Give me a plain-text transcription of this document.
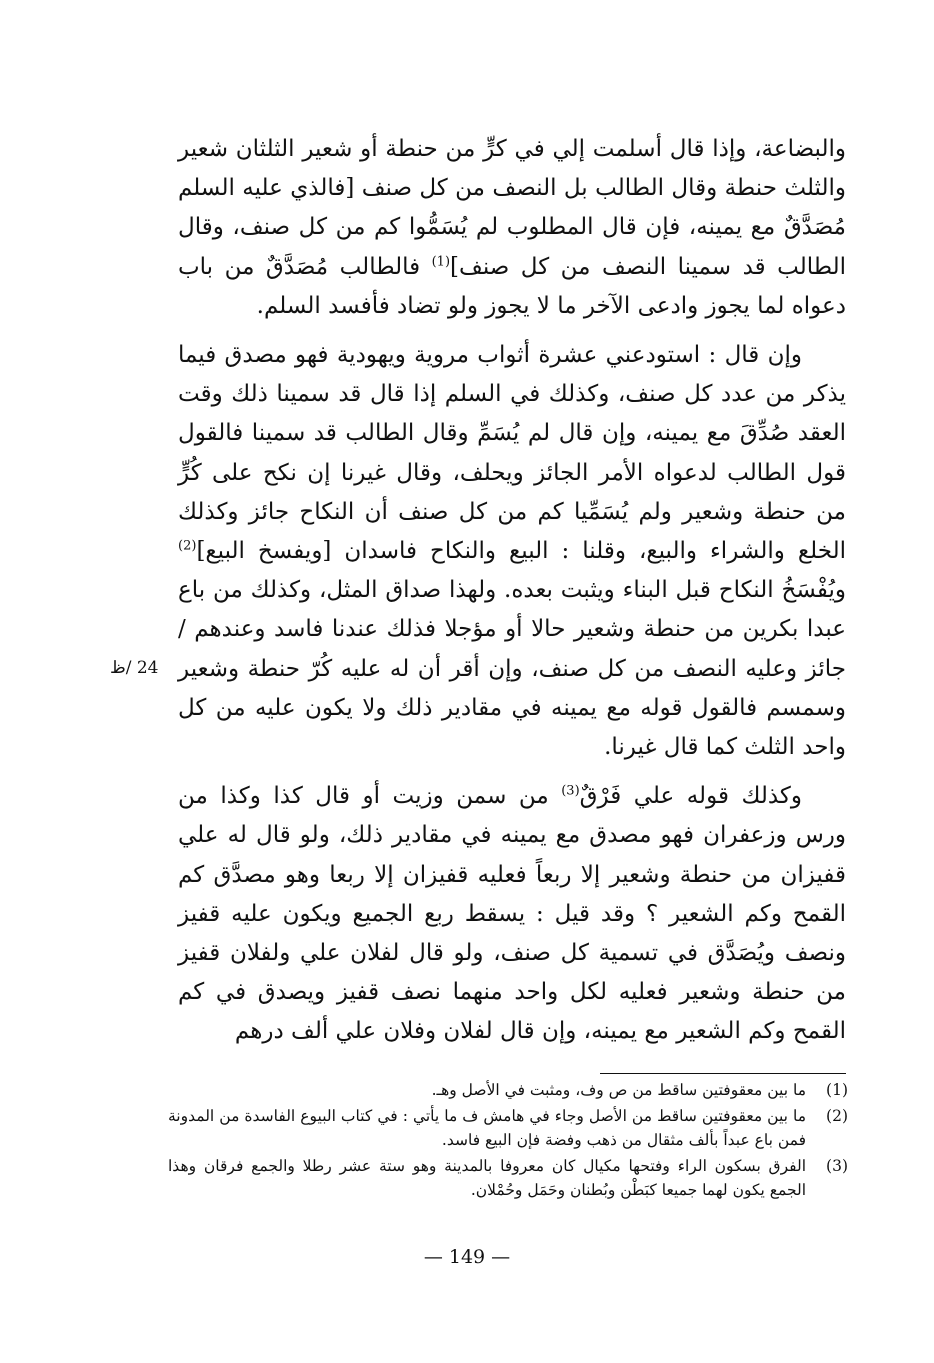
والبضاعة، وإذا قال أسلمت إلي في كرٍّ من حنطة أو شعير الثلثان شعير والثلث حنطة وقال الطالب بل النصف من كل صنف [فالذي عليه السلم مُصَدَّقٌ مع يمينه، فإن قال المطلوب لم يُسَمُّوا كم من كل صنف، وقال الطالب قد سمينا النصف من كل صنف]$^{(1)}$ فالطالب مُصَدَّقٌ من باب دعواه لما يجوز وادعى الآخر ما لا يجوز ولو تضاد فأفسد السلم.

وإن قال : استودعني عشرة أثواب مروية ويهودية فهو مصدق فيما يذكر من عدد كل صنف، وكذلك في السلم إذا قال قد سمينا ذلك وقت العقد صُدِّقَ مع يمينه، وإن قال لم يُسَمِّ وقال الطالب قد سمينا فالقول قول الطالب لدعواه الأمر الجائز ويحلف، وقال غيرنا إن نكح على كُرٍّ من حنطة وشعير ولم يُسَمِّيا كم من كل صنف أن النكاح جائز وكذلك الخلع والشراء والبيع، وقلنا : البيع والنكاح فاسدان [ويفسخ البيع]$^{(2)}$ ويُفْسَخُ النكاح قبل البناء ويثبت بعده. ولهذا صداق المثل، وكذلك من باع عبدا بكرين من حنطة وشعير حالا أو مؤجلا فذلك عندنا فاسد وعندهم / جائز وعليه النصف من كل صنف، وإن أقر أن له عليه كُرّ حنطة وشعير وسمسم فالقول قوله مع يمينه في مقادير ذلك ولا يكون عليه من كل واحد الثلث كما قال غيرنا.

وكذلك قوله علي فَرْقٌ$^{(3)}$ من سمن وزيت أو قال كذا وكذا من ورس وزعفران فهو مصدق مع يمينه في مقادير ذلك، ولو قال له علي قفيزان من حنطة وشعير إلا ربعاً فعليه قفيزان إلا ربعا وهو مصدَّق كم القمح وكم الشعير ؟ وقد قيل : يسقط ربع الجميع ويكون عليه قفيز ونصف ويُصَدَّق في تسمية كل صنف، ولو قال لفلان علي ولفلان قفيز من حنطة وشعير فعليه لكل واحد منهما نصف قفيز ويصدق في كم القمح وكم الشعير مع يمينه، وإن قال لفلان وفلان علي ألف درهم

24 /ظ
(1)
ما بين معقوفتين ساقط من ص وف، ومثبت في الأصل وهـ.
(2)
ما بين معقوفتين ساقط من الأصل وجاء في هامش ف ما يأتي : في كتاب البيوع الفاسدة من المدونة فمن باع عبداً بألف مثقال من ذهب وفضة فإن البيع فاسد.
(3)
الفرق بسكون الراء وفتحها مكيال كان معروفا بالمدينة وهو ستة عشر رطلا والجمع فرقان وهذا الجمع يكون لهما جميعا كبَطْن وبُطنان وحَمَل وحُمْلان.
— 149 —
